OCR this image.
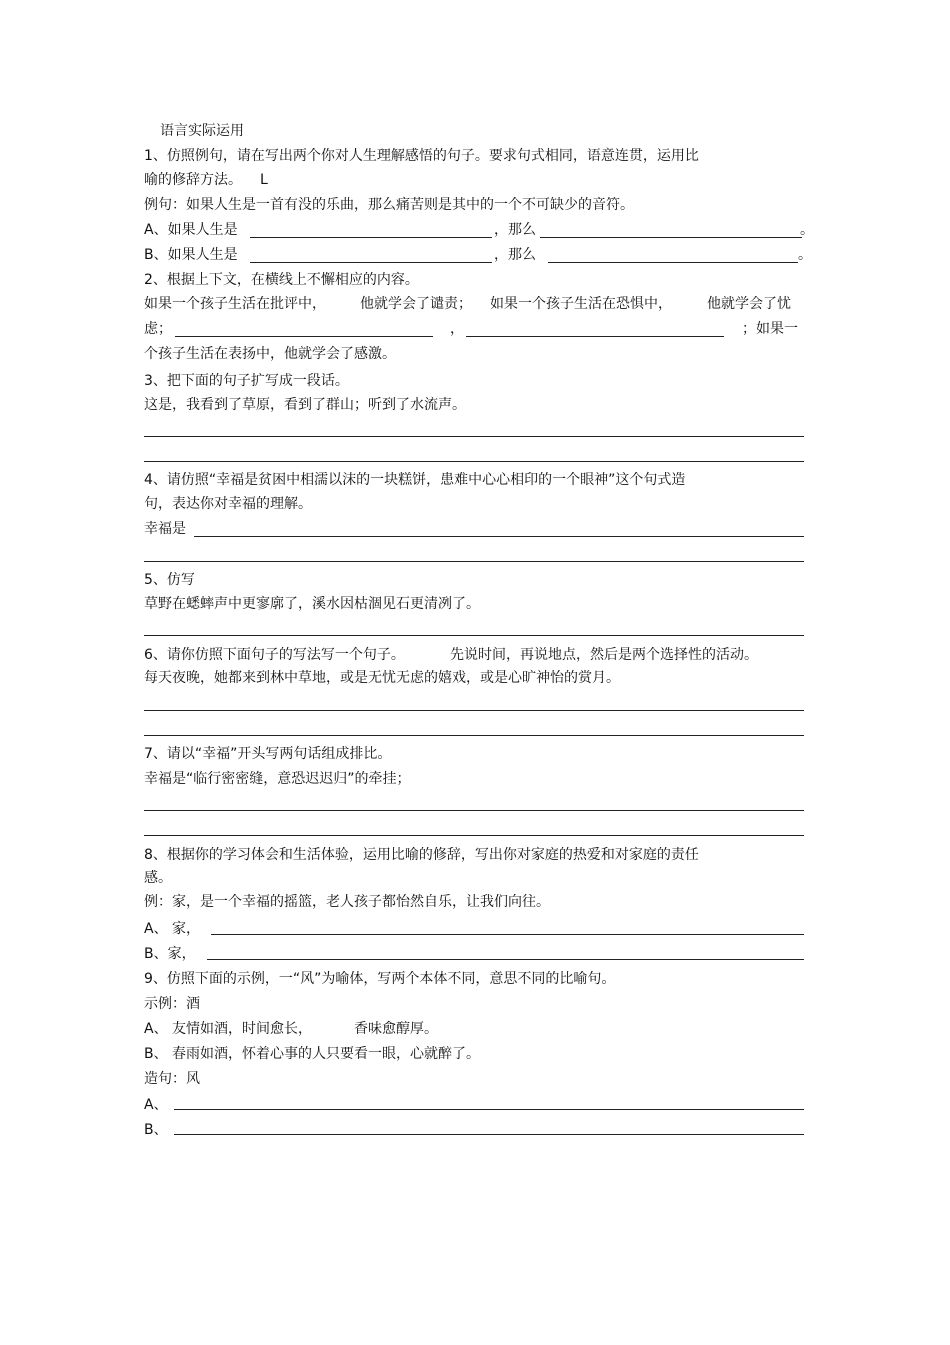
语言实际运用
1、仿照例句，请在写出两个你对人生理解感悟的句子。要求句式相同，语意连贯，运用比
喻的修辞方法。 L
例句：如果人生是一首有没的乐曲，那么痛苦则是其中的一个不可缺少的音符。
A、如果人生是	，那么	。
B、如果人生是	，那么	。
2、根据上下文，在横线上不懈相应的内容。
如果一个孩子生活在批评中， 他就学会了谴责； 如果一个孩子生活在恐惧中，	他就学会了忧
虑；	，	；如果一
个孩子生活在表扬中，他就学会了感激。
3、把下面的句子扩写成一段话。
这是，我看到了草原，看到了群山；听到了水流声。
4、请仿照“幸福是贫困中相濡以沫的一块糕饼，患难中心心相印的一个眼神”这个句式造
句，表达你对幸福的理解。
幸福是
5、仿写
草野在蟋蟀声中更寥廓了，溪水因枯涸见石更清冽了。
6、请你仿照下面句子的写法写一个句子。	先说时间，再说地点，然后是两个选择性的活动。
每天夜晚，她都来到林中草地，或是无忧无虑的嬉戏，或是心旷神怡的赏月。
7、请以“幸福”开头写两句话组成排比。
幸福是“临行密密缝，意恐迟迟归”的牵挂；
8、根据你的学习体会和生活体验，运用比喻的修辞，写出你对家庭的热爱和对家庭的责任
感。
例：家，是一个幸福的摇篮，老人孩子都怡然自乐，让我们向往。
A、 家，
B、家，
9、仿照下面的示例，一“风”为喻体，写两个本体不同，意思不同的比喻句。
示例：酒
A、 友情如酒，时间愈长，	香味愈醇厚。
B、 春雨如酒，怀着心事的人只要看一眼，心就醉了。
造句：风
A、
B、
